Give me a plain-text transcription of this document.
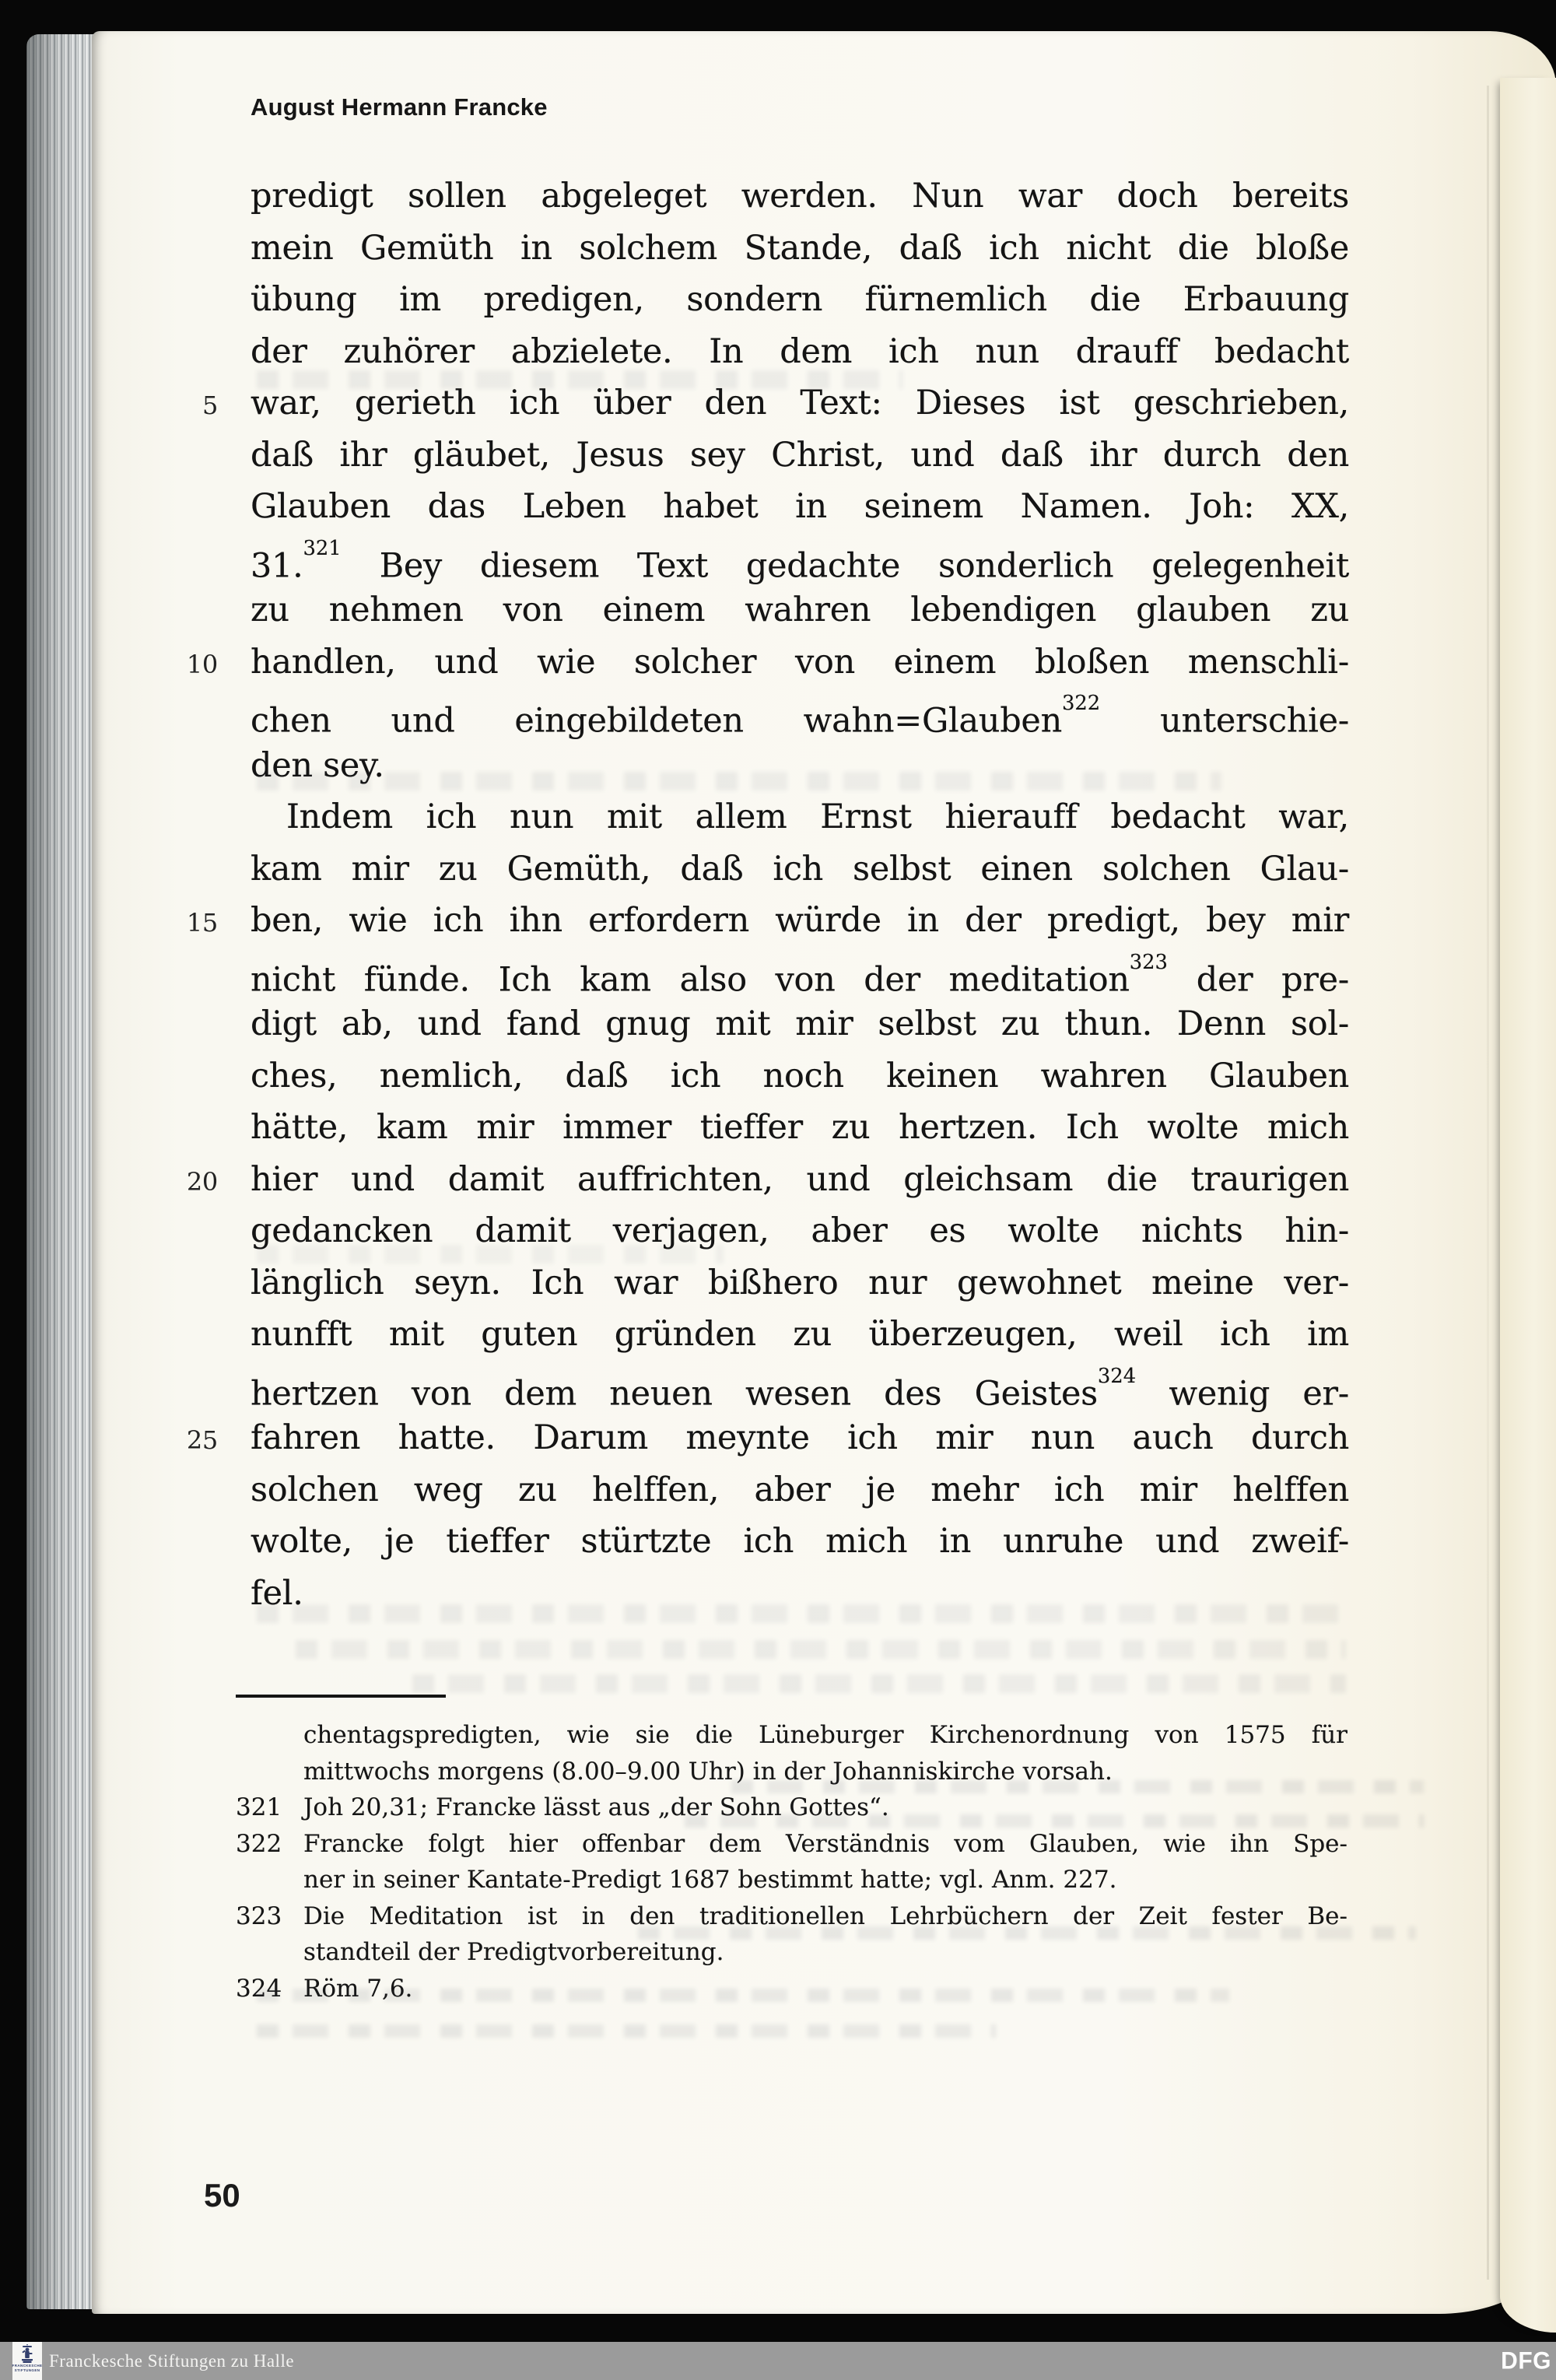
August Hermann Francke
predigt sollen abgeleget werden. Nun war doch bereits
mein Gemüth in solchem Stande, daß ich nicht die bloße
übung im predigen, sondern fürnemlich die Erbauung
der zuhörer abzielete. In dem ich nun drauff bedacht
5 war, gerieth ich über den Text: Dieses ist geschrieben,
daß ihr gläubet, Jesus sey Christ, und daß ihr durch den
Glauben das Leben habet in seinem Namen. Joh: XX,
31.$^{321}$ Bey diesem Text gedachte sonderlich gelegenheit
zu nehmen von einem wahren lebendigen glauben zu
10 handlen, und wie solcher von einem bloßen menschli-
chen und eingebildeten wahn=Glauben$^{322}$ unterschie-
den sey.
Indem ich nun mit allem Ernst hierauff bedacht war,
kam mir zu Gemüth, daß ich selbst einen solchen Glau-
15 ben, wie ich ihn erfordern würde in der predigt, bey mir
nicht fünde. Ich kam also von der meditation$^{323}$ der pre-
digt ab, und fand gnug mit mir selbst zu thun. Denn sol-
ches, nemlich, daß ich noch keinen wahren Glauben
hätte, kam mir immer tieffer zu hertzen. Ich wolte mich
20 hier und damit auffrichten, und gleichsam die traurigen
gedancken damit verjagen, aber es wolte nichts hin-
länglich seyn. Ich war bißhero nur gewohnet meine ver-
nunfft mit guten gründen zu überzeugen, weil ich im
hertzen von dem neuen wesen des Geistes$^{324}$ wenig er-
25 fahren hatte. Darum meynte ich mir nun auch durch
solchen weg zu helffen, aber je mehr ich mir helffen
wolte, je tieffer stürtzte ich mich in unruhe und zweif-
fel.
chentagspredigten, wie sie die Lüneburger Kirchenordnung von 1575 für
mittwochs morgens (8.00–9.00 Uhr) in der Johanniskirche vorsah.
321 Joh 20,31; Francke lässt aus „der Sohn Gottes“.
322 Francke folgt hier offenbar dem Verständnis vom Glauben, wie ihn Spe-
ner in seiner Kantate-Predigt 1687 bestimmt hatte; vgl. Anm. 227.
323 Die Meditation ist in den traditionellen Lehrbüchern der Zeit fester Be-
standteil der Predigtvorbereitung.
324 Röm 7,6.
50
FRANCKESCHE
STIFTUNGEN Franckesche Stiftungen zu Halle	DFG
